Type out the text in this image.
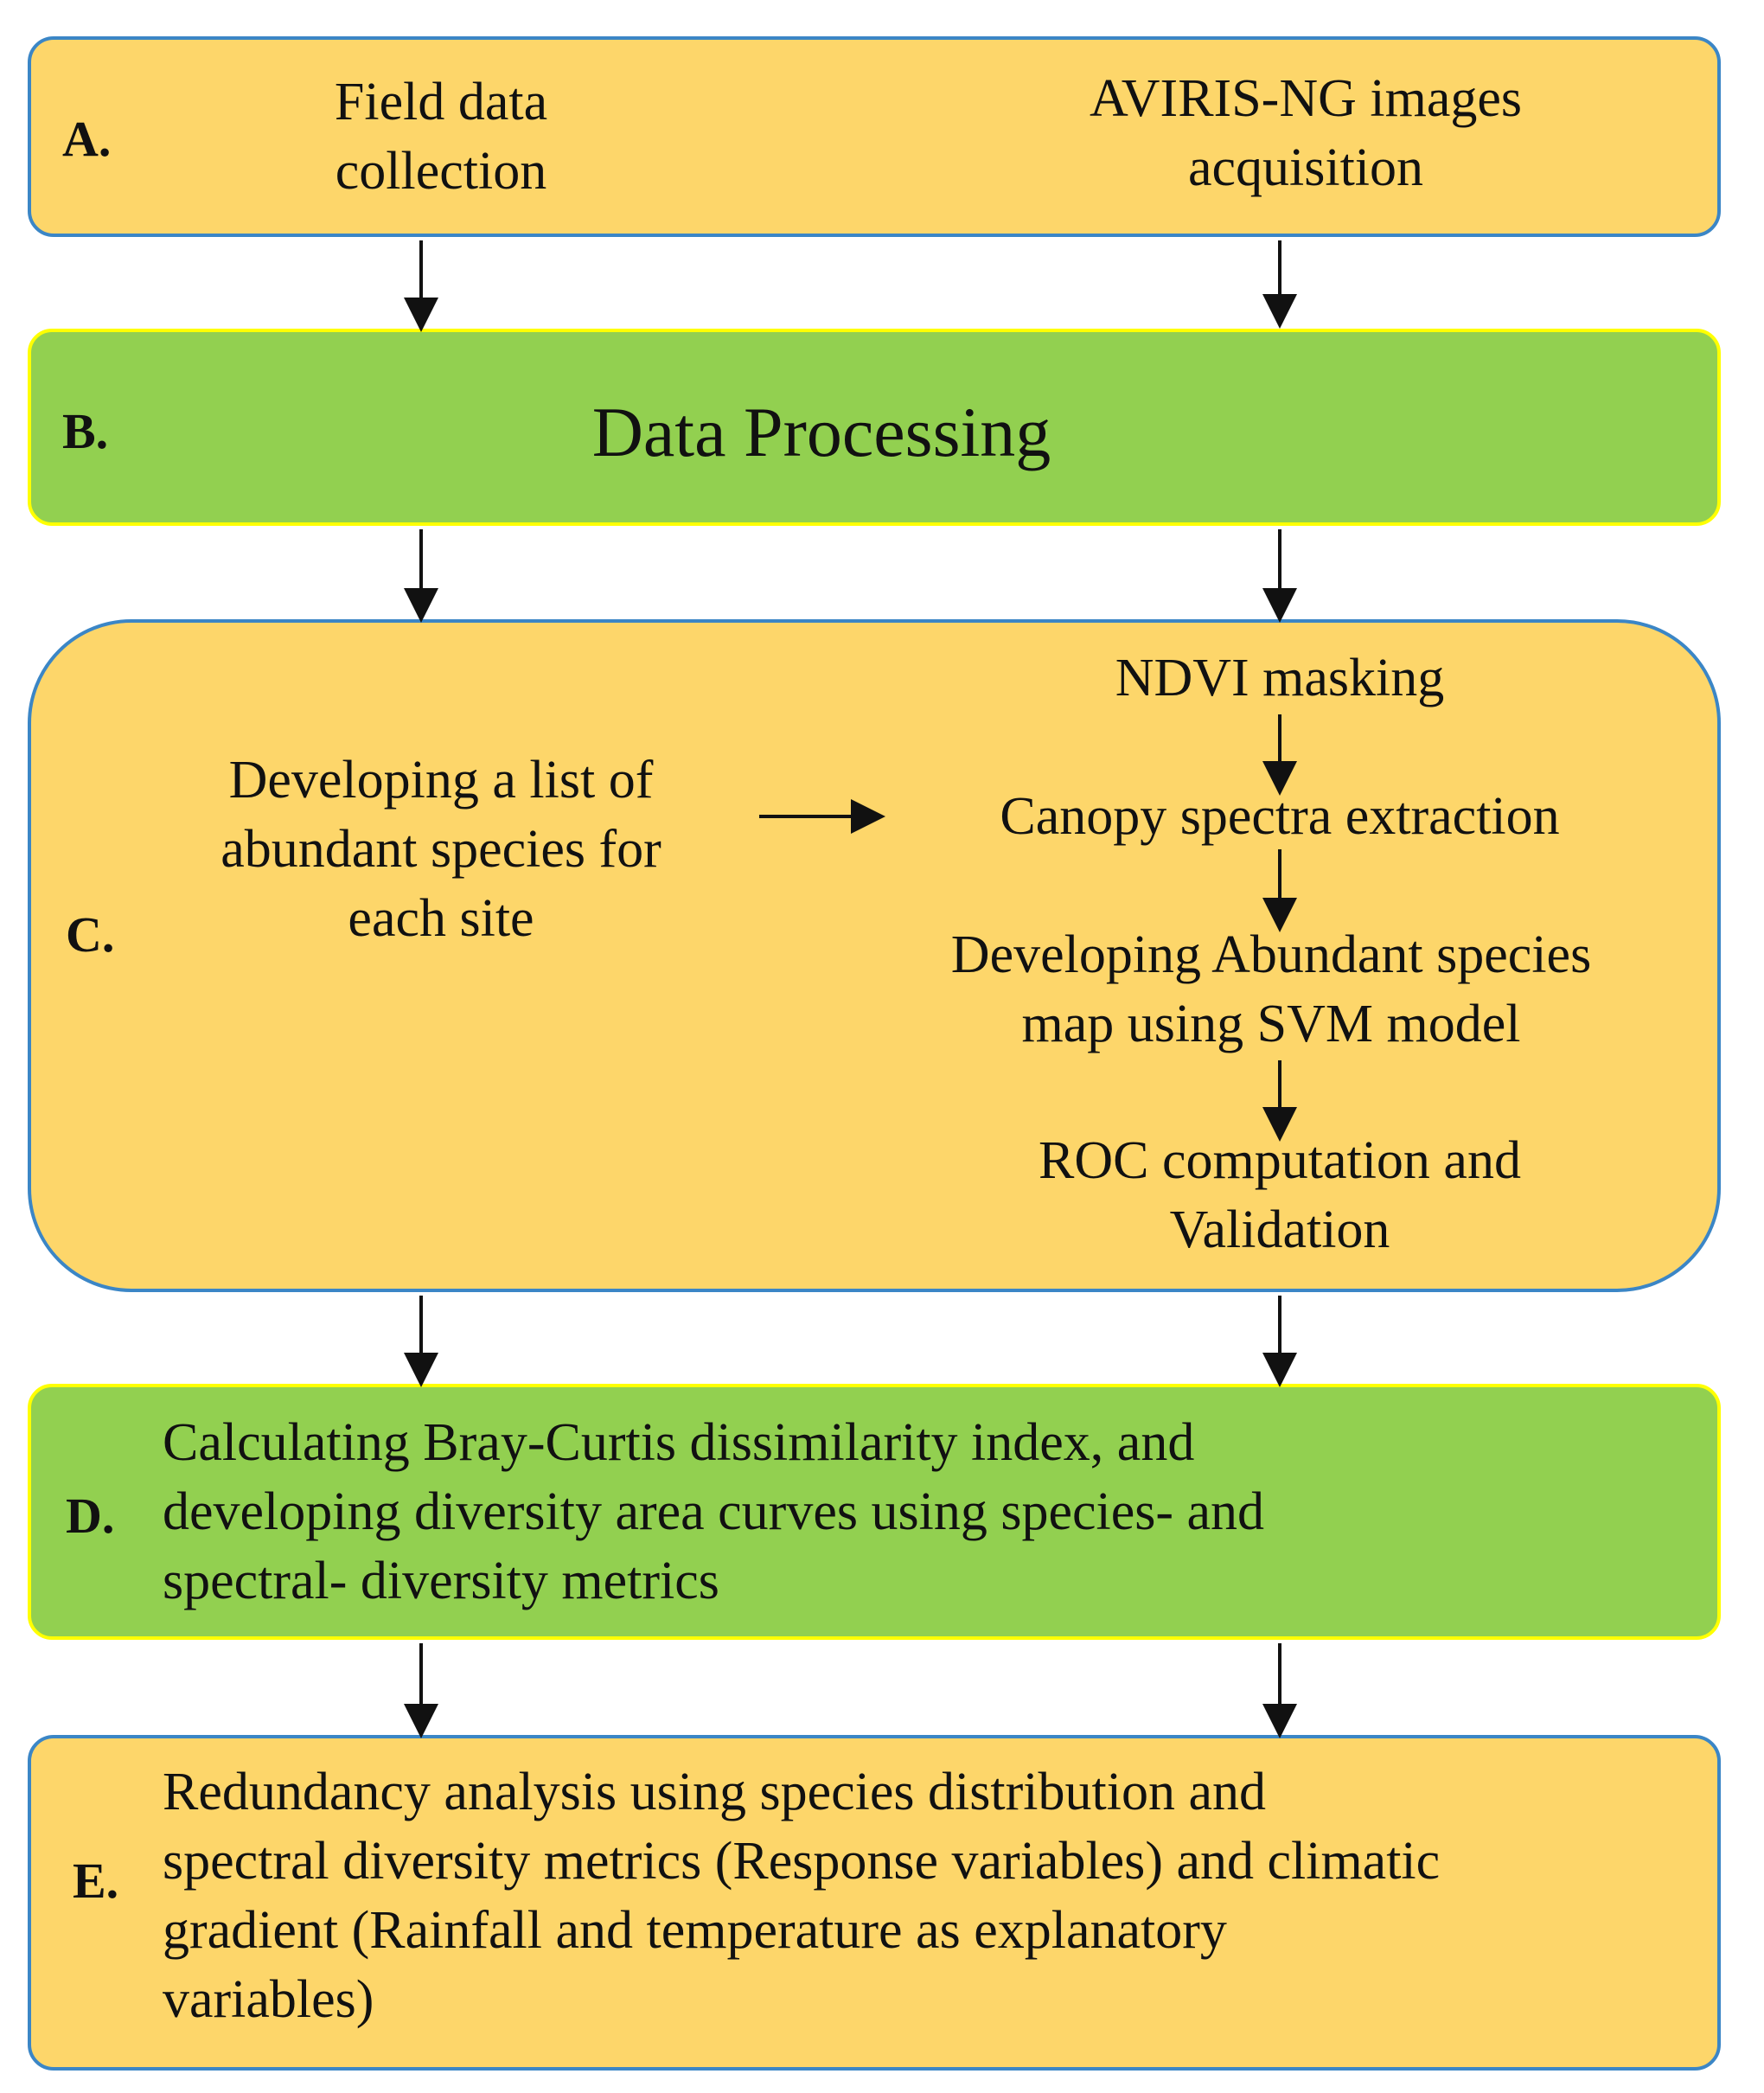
A.
Field data
collection
AVIRIS-NG images
acquisition
B.	Data Processing
C.
Developing a list of
abundant species for
each site
NDVI masking
Canopy spectra extraction
Developing Abundant species
map using SVM model
ROC computation and
Validation
D.
Calculating Bray-Curtis dissimilarity index, and
developing diversity area curves using species- and
spectral- diversity metrics
E.
Redundancy analysis using species distribution and
spectral diversity metrics (Response variables) and climatic
gradient (Rainfall and temperature as explanatory
variables)
